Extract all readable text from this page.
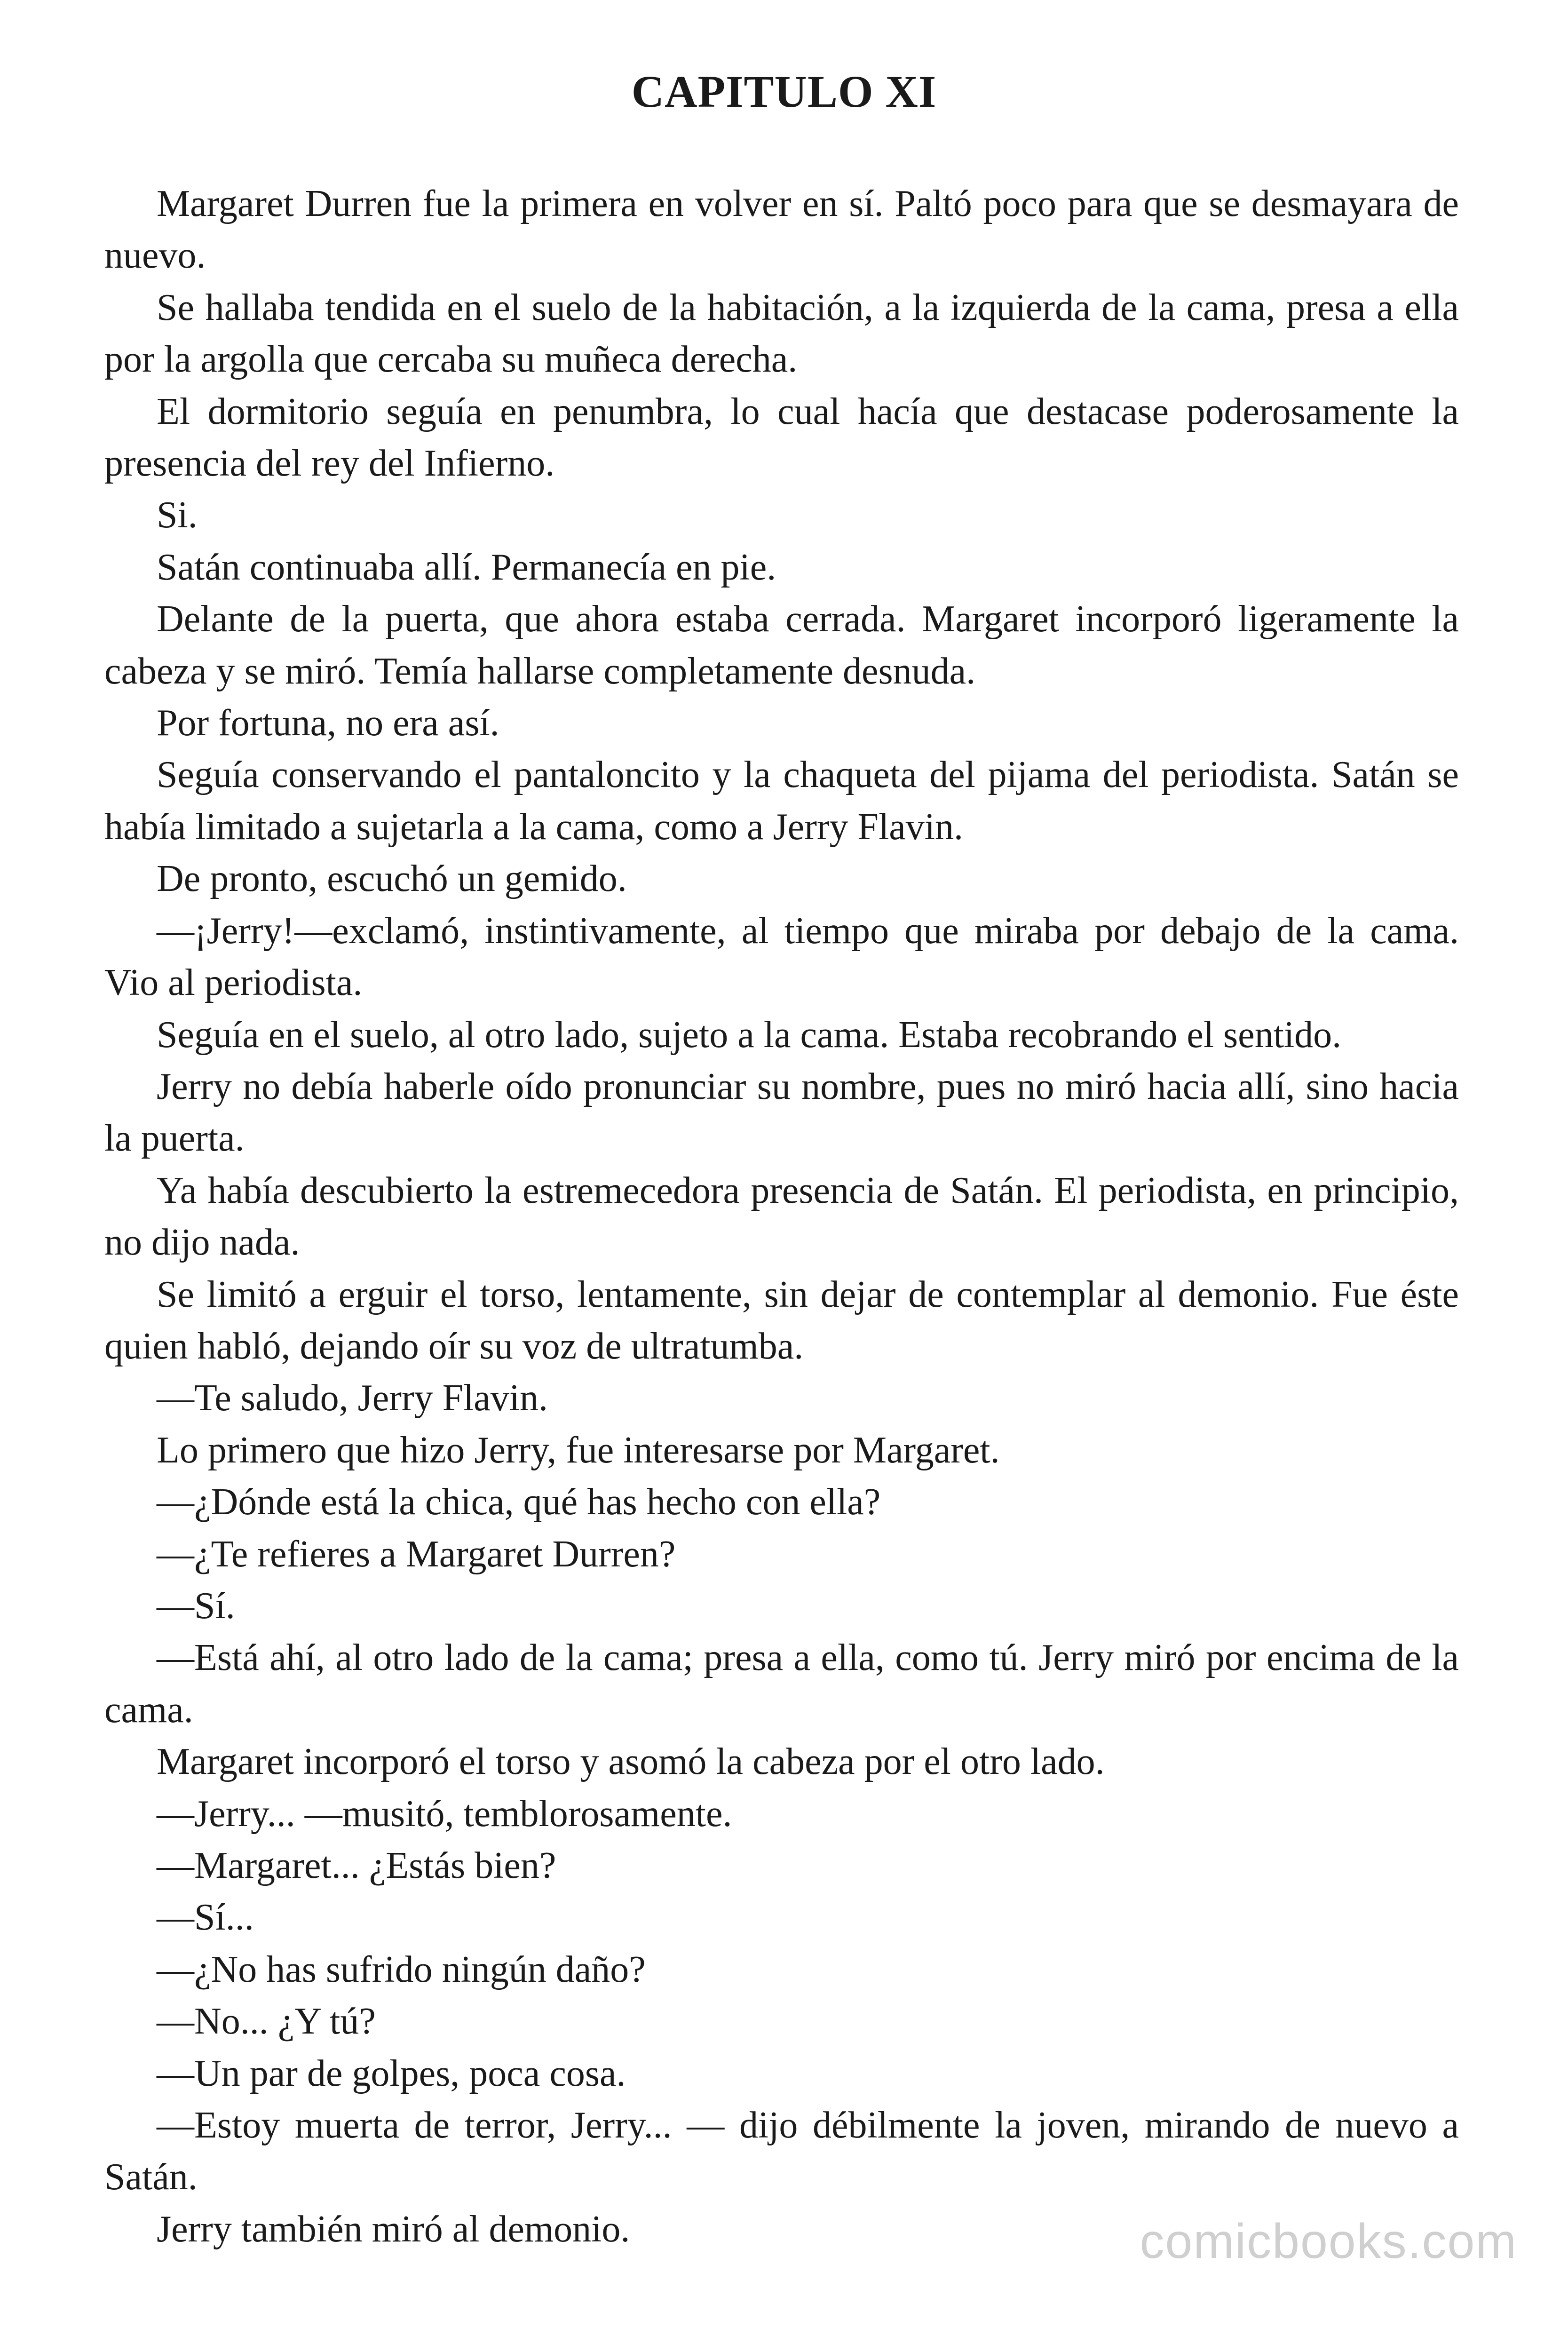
CAPITULO XI

Margaret Durren fue la primera en volver en sí. Paltó poco para que se desmayara de nuevo.

Se hallaba tendida en el suelo de la habitación, a la izquierda de la cama, presa a ella por la argolla que cercaba su muñeca derecha.

El dormitorio seguía en penumbra, lo cual hacía que destacase poderosamente la presencia del rey del Infierno.

Si.

Satán continuaba allí. Permanecía en pie.

Delante de la puerta, que ahora estaba cerrada. Margaret incorporó ligeramente la cabeza y se miró. Temía hallarse completamente desnuda.

Por fortuna, no era así.

Seguía conservando el pantaloncito y la chaqueta del pijama del periodista. Satán se había limitado a sujetarla a la cama, como a Jerry Flavin.

De pronto, escuchó un gemido.

—¡Jerry!—exclamó, instintivamente, al tiempo que miraba por debajo de la cama. Vio al periodista.

Seguía en el suelo, al otro lado, sujeto a la cama. Estaba recobrando el sentido.

Jerry no debía haberle oído pronunciar su nombre, pues no miró hacia allí, sino hacia la puerta.

Ya había descubierto la estremecedora presencia de Satán. El periodista, en principio, no dijo nada.

Se limitó a erguir el torso, lentamente, sin dejar de contemplar al demonio. Fue éste quien habló, dejando oír su voz de ultratumba.

—Te saludo, Jerry Flavin.

Lo primero que hizo Jerry, fue interesarse por Margaret.

—¿Dónde está la chica, qué has hecho con ella?

—¿Te refieres a Margaret Durren?

—Sí.

—Está ahí, al otro lado de la cama; presa a ella, como tú. Jerry miró por encima de la cama.

Margaret incorporó el torso y asomó la cabeza por el otro lado.

—Jerry... —musitó, temblorosamente.

—Margaret... ¿Estás bien?

—Sí...

—¿No has sufrido ningún daño?

—No... ¿Y tú?

—Un par de golpes, poca cosa.

—Estoy muerta de terror, Jerry... — dijo débilmente la joven, mirando de nuevo a Satán.

Jerry también miró al demonio.	comicbooks.com
